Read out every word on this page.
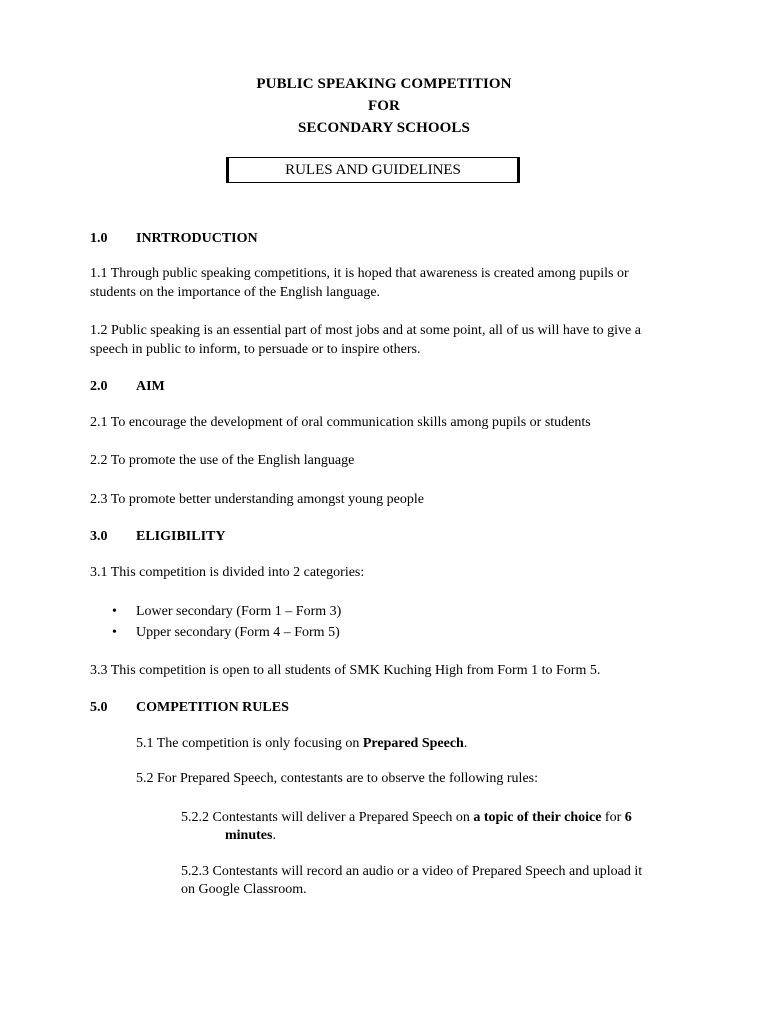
PUBLIC SPEAKING COMPETITION
FOR
SECONDARY SCHOOLS
RULES AND GUIDELINES
1.0 INRTRODUCTION
1.1 Through public speaking competitions, it is hoped that awareness is created among pupils or students on the importance of the English language.
1.2 Public speaking is an essential part of most jobs and at some point, all of us will have to give a speech in public to inform, to persuade or to inspire others.
2.0 AIM
2.1 To encourage the development of oral communication skills among pupils or students
2.2 To promote the use of the English language
2.3 To promote better understanding amongst young people
3.0 ELIGIBILITY
3.1 This competition is divided into 2 categories:
• Lower secondary (Form 1 – Form 3)
• Upper secondary (Form 4 – Form 5)
3.3 This competition is open to all students of SMK Kuching High from Form 1 to Form 5.
5.0 COMPETITION RULES
5.1 The competition is only focusing on Prepared Speech.
5.2 For Prepared Speech, contestants are to observe the following rules:
5.2.2 Contestants will deliver a Prepared Speech on a topic of their choice for 6
minutes.
5.2.3 Contestants will record an audio or a video of Prepared Speech and upload it
on Google Classroom.
